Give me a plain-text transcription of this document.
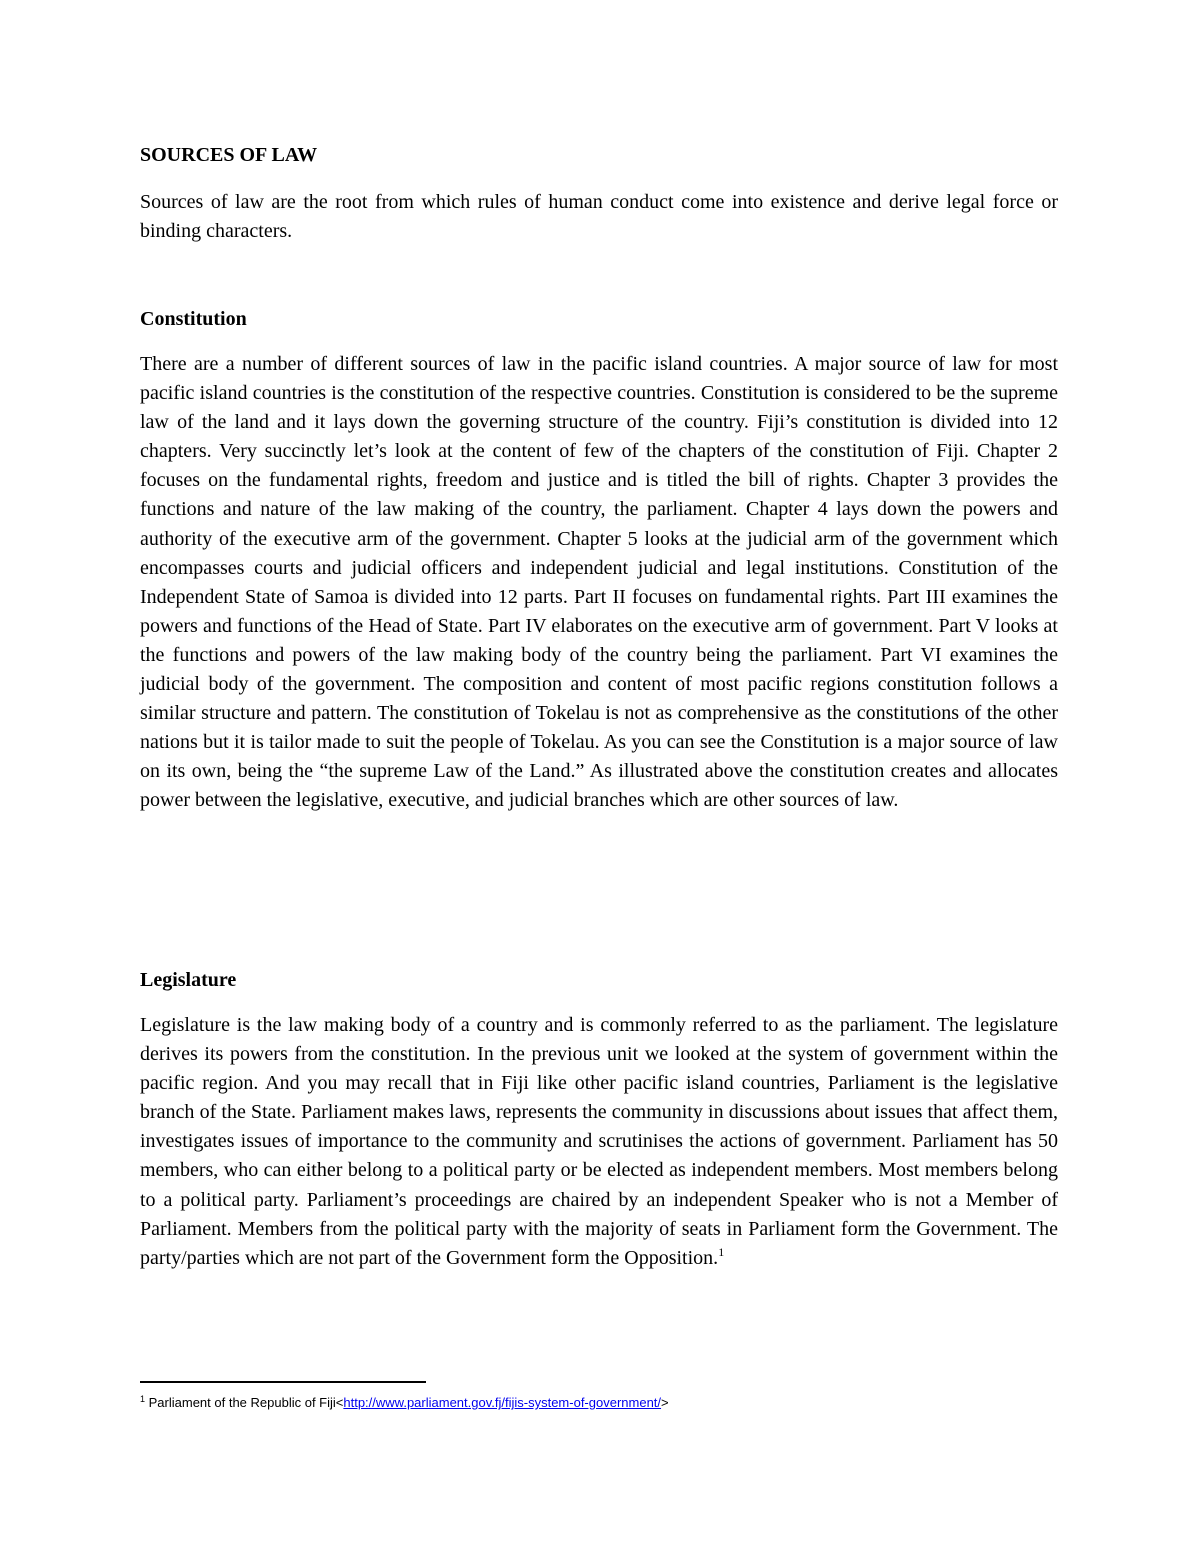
SOURCES OF LAW

Sources of law are the root from which rules of human conduct come into existence and derive legal force or binding characters.

Constitution

There are a number of different sources of law in the pacific island countries. A major source of law for most pacific island countries is the constitution of the respective countries. Constitution is considered to be the supreme law of the land and it lays down the governing structure of the country. Fiji’s constitution is divided into 12 chapters. Very succinctly let’s look at the content of few of the chapters of the constitution of Fiji. Chapter 2 focuses on the fundamental rights, freedom and justice and is titled the bill of rights. Chapter 3 provides the functions and nature of the law making of the country, the parliament. Chapter 4 lays down the powers and authority of the executive arm of the government. Chapter 5 looks at the judicial arm of the government which encompasses courts and judicial officers and independent judicial and legal institutions. Constitution of the Independent State of Samoa is divided into 12 parts. Part II focuses on fundamental rights. Part III examines the powers and functions of the Head of State. Part IV elaborates on the executive arm of government. Part V looks at the functions and powers of the law making body of the country being the parliament. Part VI examines the judicial body of the government. The composition and content of most pacific regions constitution follows a similar structure and pattern. The constitution of Tokelau is not as comprehensive as the constitutions of the other nations but it is tailor made to suit the people of Tokelau. As you can see the Constitution is a major source of law on its own, being the “the supreme Law of the Land.” As illustrated above the constitution creates and allocates power between the legislative, executive, and judicial branches which are other sources of law.

Legislature

Legislature is the law making body of a country and is commonly referred to as the parliament. The legislature derives its powers from the constitution. In the previous unit we looked at the system of government within the pacific region. And you may recall that in Fiji like other pacific island countries, Parliament is the legislative branch of the State. Parliament makes laws, represents the community in discussions about issues that affect them, investigates issues of importance to the community and scrutinises the actions of government. Parliament has 50 members, who can either belong to a political party or be elected as independent members. Most members belong to a political party. Parliament’s proceedings are chaired by an independent Speaker who is not a Member of Parliament. Members from the political party with the majority of seats in Parliament form the Government. The party/parties which are not part of the Government form the Opposition.$^1$

$^1$ Parliament of the Republic of Fiji<http://www.parliament.gov.fj/fijis-system-of-government/>
